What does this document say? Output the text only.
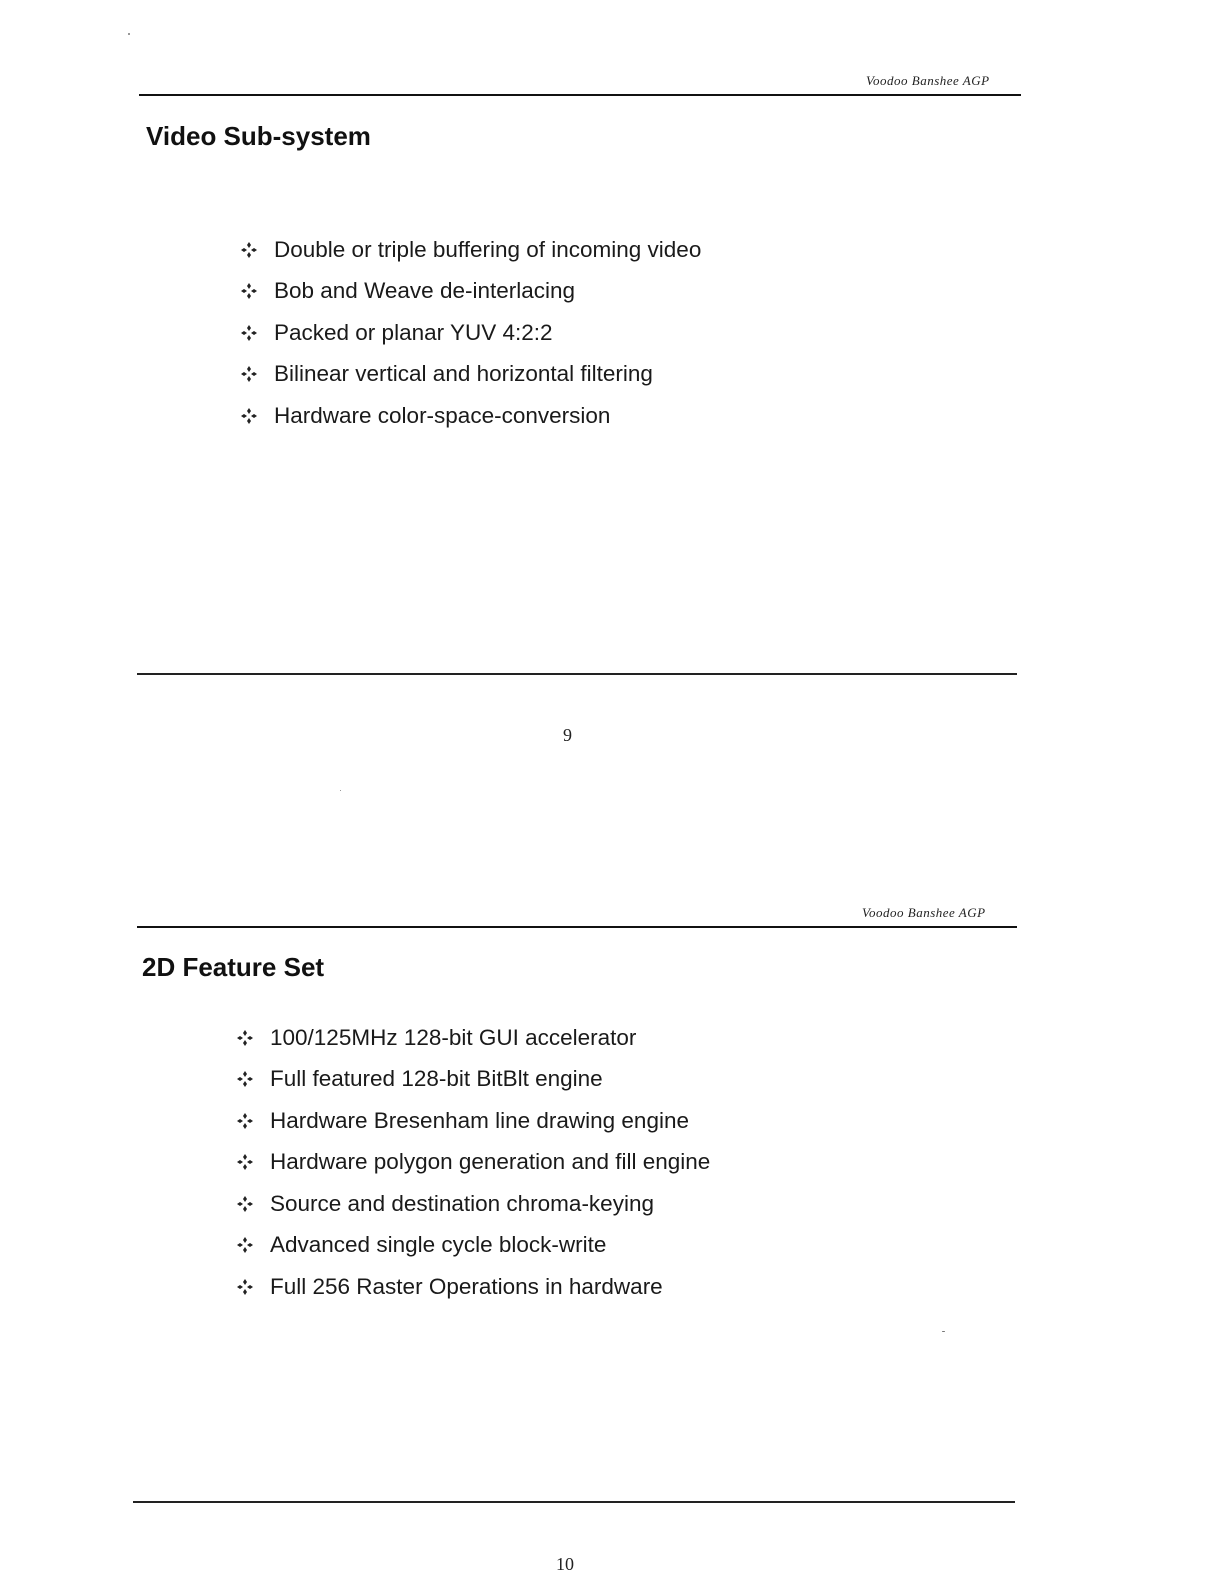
Voodoo Banshee AGP
Video Sub-system
Double or triple buffering of incoming video
Bob and Weave de-interlacing
Packed or planar YUV 4:2:2
Bilinear vertical and horizontal filtering
Hardware color-space-conversion
9
Voodoo Banshee AGP
2D Feature Set
100/125MHz 128-bit GUI accelerator
Full featured 128-bit BitBlt engine
Hardware Bresenham line drawing engine
Hardware polygon generation and fill engine
Source and destination chroma-keying
Advanced single cycle block-write
Full 256 Raster Operations in hardware
10
